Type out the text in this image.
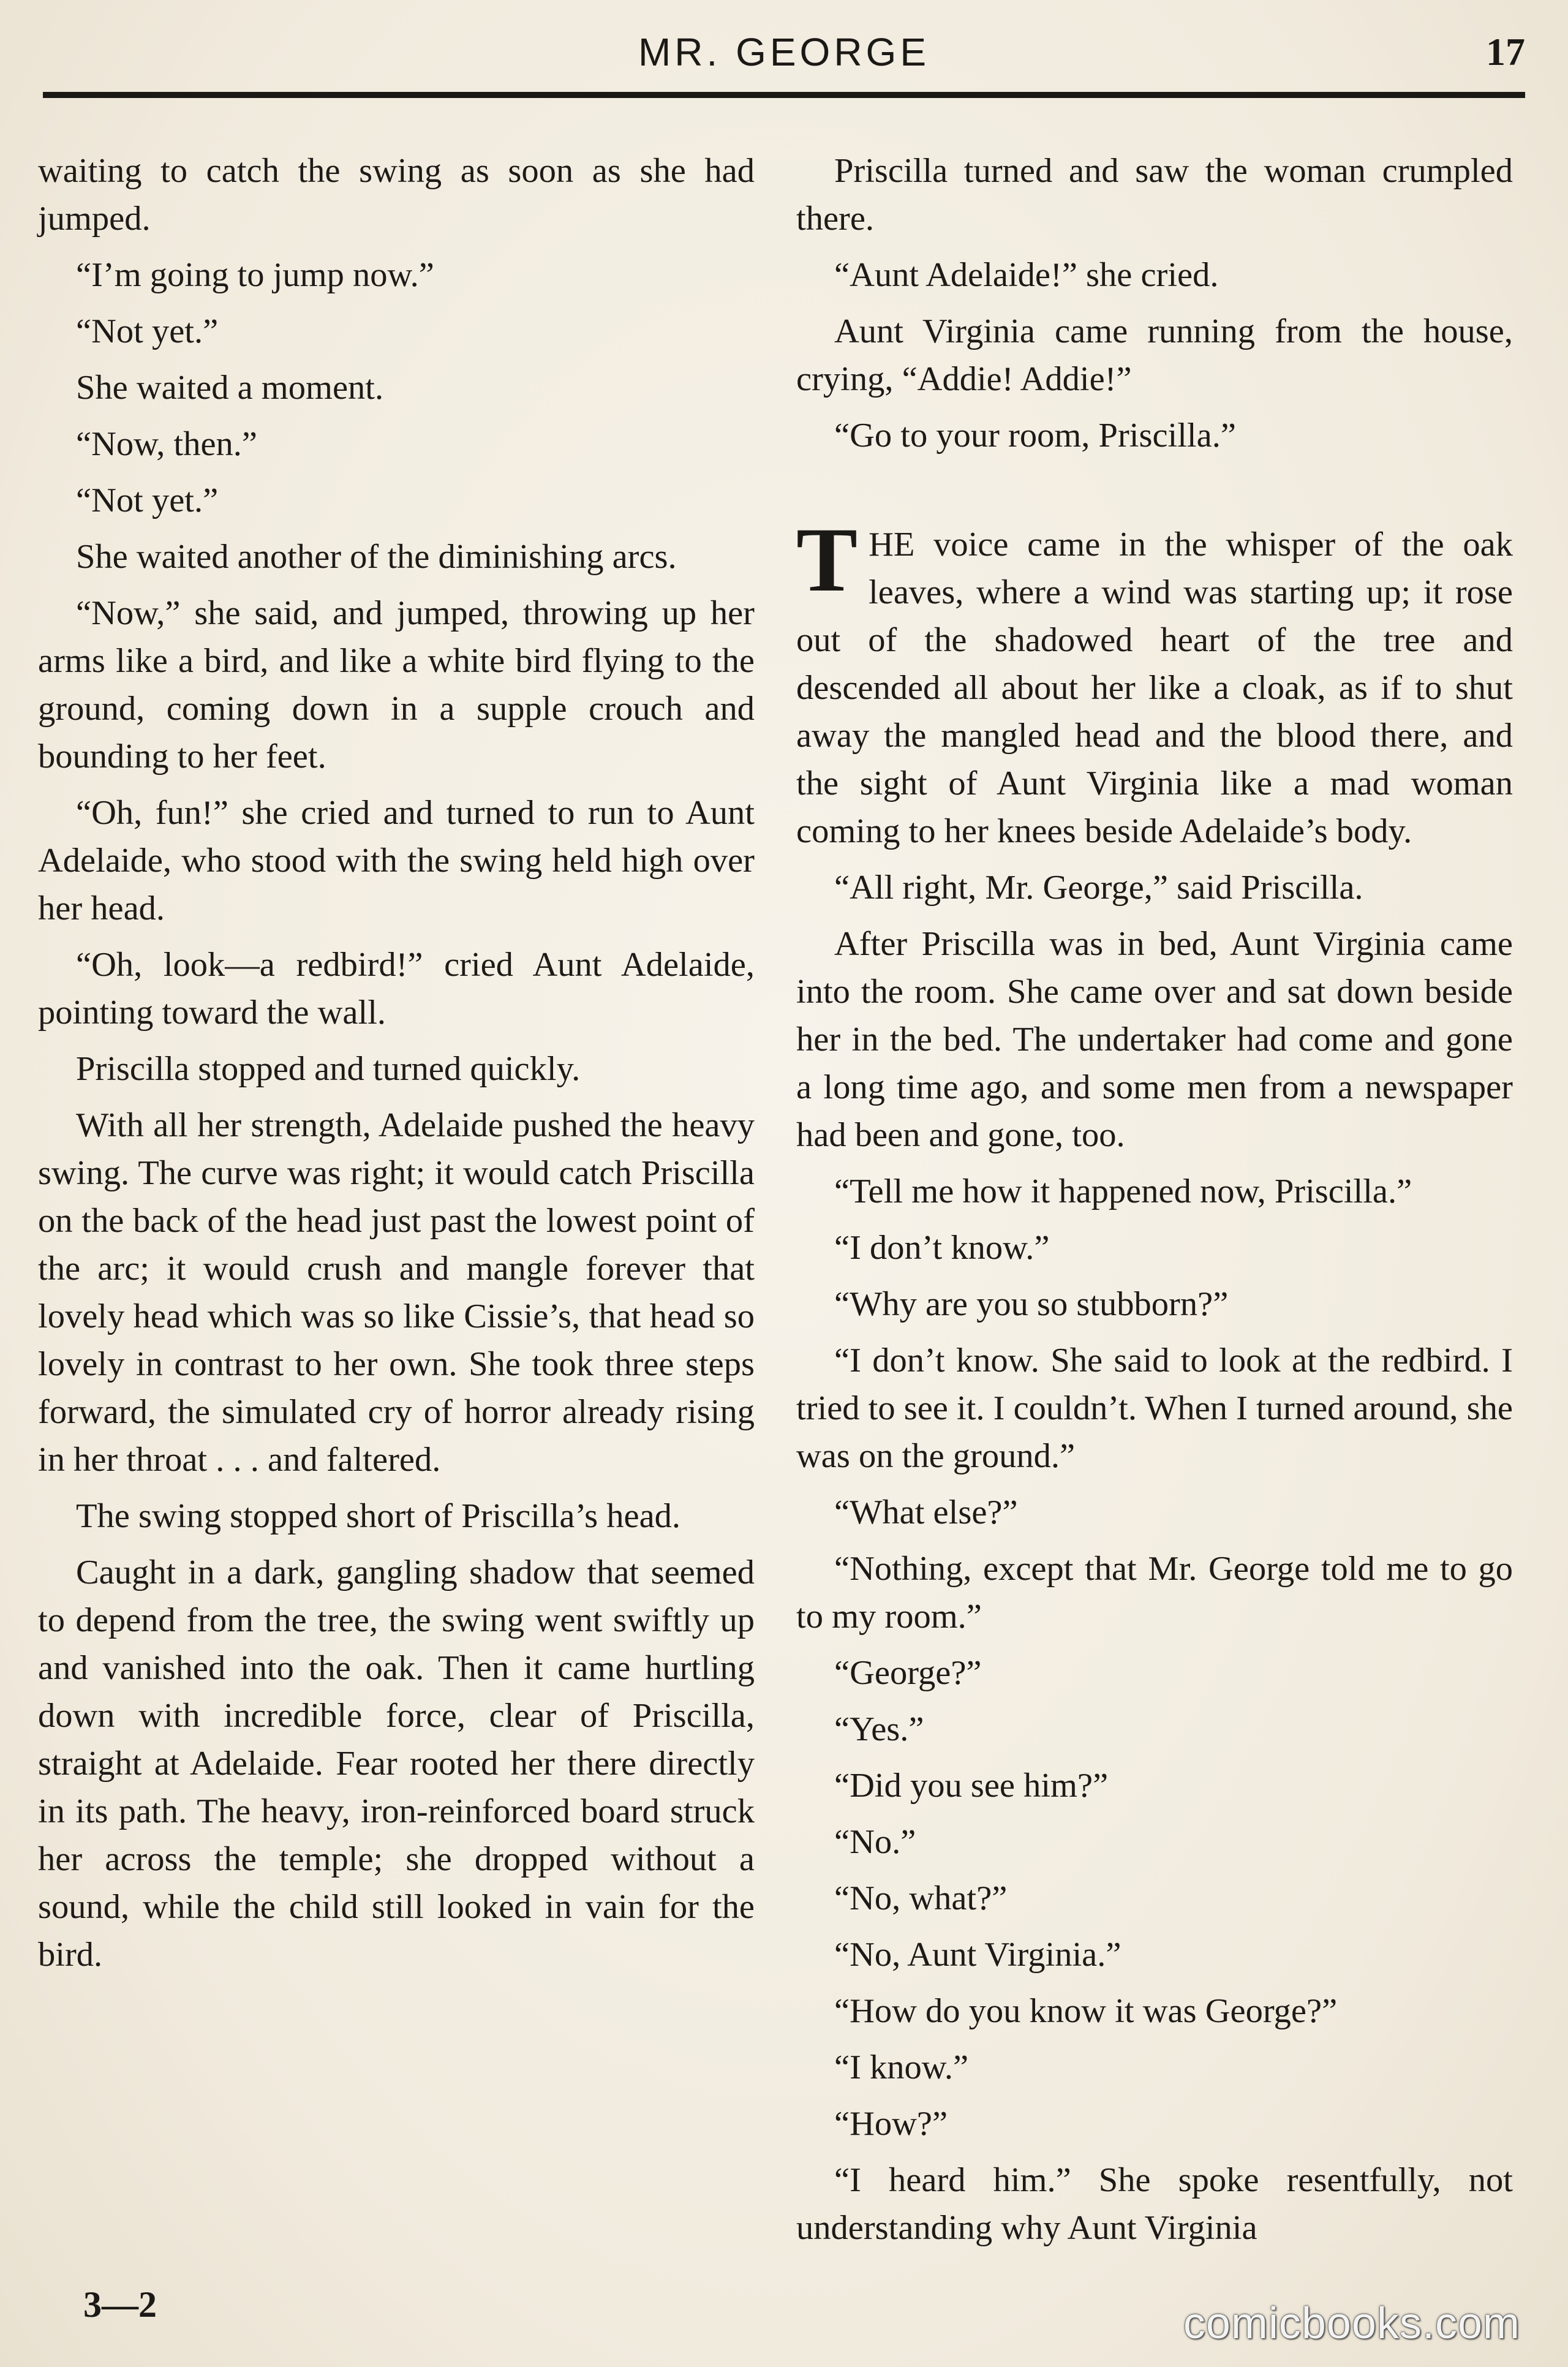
MR. GEORGE	17

waiting to catch the swing as soon as she had jumped.

“I’m going to jump now.”

“Not yet.”

She waited a moment.

“Now, then.”

“Not yet.”

She waited another of the diminishing arcs.

“Now,” she said, and jumped, throwing up her arms like a bird, and like a white bird flying to the ground, coming down in a supple crouch and bounding to her feet.

“Oh, fun!” she cried and turned to run to Aunt Adelaide, who stood with the swing held high over her head.

“Oh, look—a redbird!” cried Aunt Adelaide, pointing toward the wall.

Priscilla stopped and turned quickly.

With all her strength, Adelaide pushed the heavy swing. The curve was right; it would catch Priscilla on the back of the head just past the lowest point of the arc; it would crush and mangle forever that lovely head which was so like Cissie’s, that head so lovely in contrast to her own. She took three steps forward, the simulated cry of horror already rising in her throat . . . and faltered.

The swing stopped short of Priscilla’s head.

Caught in a dark, gangling shadow that seemed to depend from the tree, the swing went swiftly up and vanished into the oak. Then it came hurtling down with incredible force, clear of Priscilla, straight at Adelaide. Fear rooted her there directly in its path. The heavy, iron-reinforced board struck her across the temple; she dropped without a sound, while the child still looked in vain for the bird.

Priscilla turned and saw the woman crumpled there.

“Aunt Adelaide!” she cried.

Aunt Virginia came running from the house, crying, “Addie! Addie!”

“Go to your room, Priscilla.”

THE voice came in the whisper of the oak leaves, where a wind was starting up; it rose out of the shadowed heart of the tree and descended all about her like a cloak, as if to shut away the mangled head and the blood there, and the sight of Aunt Virginia like a mad woman coming to her knees beside Adelaide’s body.

“All right, Mr. George,” said Priscilla.

After Priscilla was in bed, Aunt Virginia came into the room. She came over and sat down beside her in the bed. The undertaker had come and gone a long time ago, and some men from a newspaper had been and gone, too.

“Tell me how it happened now, Priscilla.”

“I don’t know.”

“Why are you so stubborn?”

“I don’t know. She said to look at the redbird. I tried to see it. I couldn’t. When I turned around, she was on the ground.”

“What else?”

“Nothing, except that Mr. George told me to go to my room.”

“George?”

“Yes.”

“Did you see him?”

“No.”

“No, what?”

“No, Aunt Virginia.”

“How do you know it was George?”

“I know.”

“How?”

“I heard him.” She spoke resentfully, not understanding why Aunt Virginia

3—2	comicbooks.com
